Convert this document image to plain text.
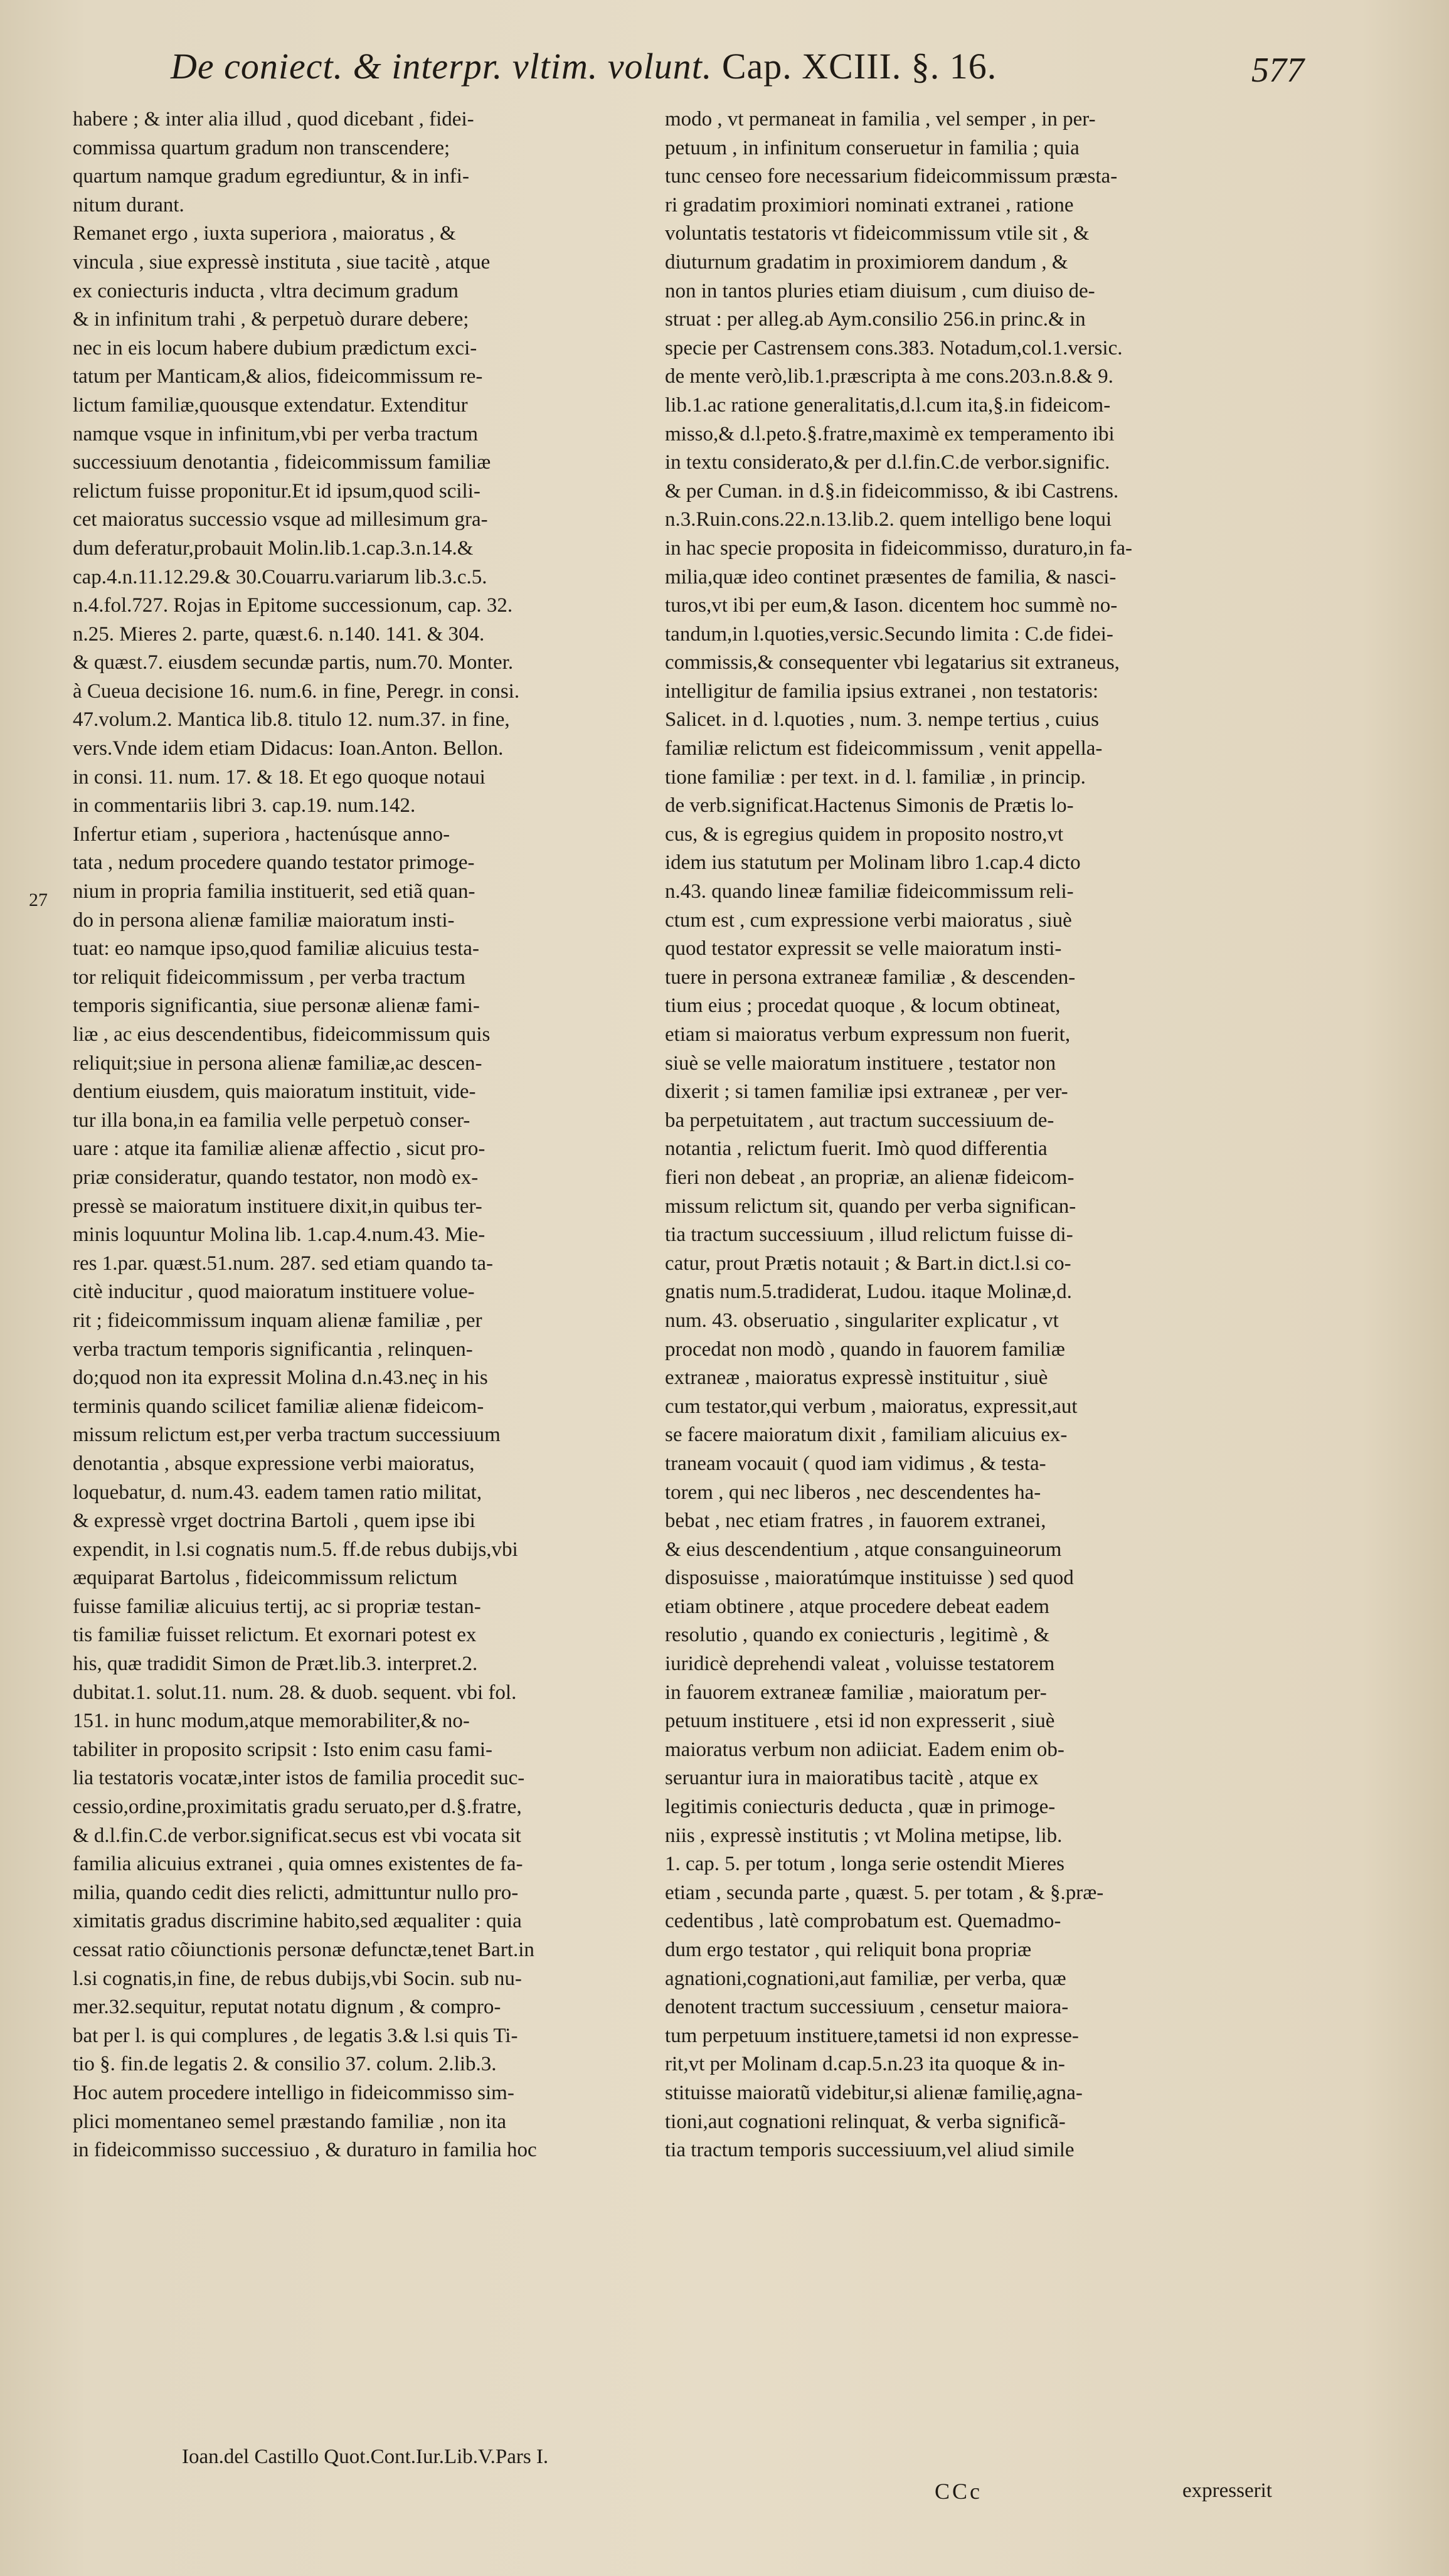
De coniect. & interpr. vltim. volunt. Cap. XCIII. §. 16.	577
27
habere ; & inter alia illud , quod dicebant , fidei-
commissa quartum gradum non transcendere;
quartum namque gradum egrediuntur, & in infi-
nitum durant.
Remanet ergo , iuxta superiora , maioratus , &
vincula , siue expressè instituta , siue tacitè , atque
ex coniecturis inducta , vltra decimum gradum
& in infinitum trahi , & perpetuò durare debere;
nec in eis locum habere dubium prædictum exci-
tatum per Manticam,& alios, fideicommissum re-
lictum familiæ,quousque extendatur. Extenditur
namque vsque in infinitum,vbi per verba tractum
successiuum denotantia , fideicommissum familiæ
relictum fuisse proponitur.Et id ipsum,quod scili-
cet maioratus successio vsque ad millesimum gra-
dum deferatur,probauit Molin.lib.1.cap.3.n.14.&
cap.4.n.11.12.29.& 30.Couarru.variarum lib.3.c.5.
n.4.fol.727. Rojas in Epitome successionum, cap. 32.
n.25. Mieres 2. parte, quæst.6. n.140. 141. & 304.
& quæst.7. eiusdem secundæ partis, num.70. Monter.
à Cueua decisione 16. num.6. in fine, Peregr. in consi.
47.volum.2. Mantica lib.8. titulo 12. num.37. in fine,
vers.Vnde idem etiam Didacus: Ioan.Anton. Bellon.
in consi. 11. num. 17. & 18. Et ego quoque notaui
in commentariis libri 3. cap.19. num.142.
Infertur etiam , superiora , hactenúsque anno-
tata , nedum procedere quando testator primoge-
nium in propria familia instituerit, sed etiã quan-
do in persona alienæ familiæ maioratum insti-
tuat: eo namque ipso,quod familiæ alicuius testa-
tor reliquit fideicommissum , per verba tractum
temporis significantia, siue personæ alienæ fami-
liæ , ac eius descendentibus, fideicommissum quis
reliquit;siue in persona alienæ familiæ,ac descen-
dentium eiusdem, quis maioratum instituit, vide-
tur illa bona,in ea familia velle perpetuò conser-
uare : atque ita familiæ alienæ affectio , sicut pro-
priæ consideratur, quando testator, non modò ex-
pressè se maioratum instituere dixit,in quibus ter-
minis loquuntur Molina lib. 1.cap.4.num.43. Mie-
res 1.par. quæst.51.num. 287. sed etiam quando ta-
citè inducitur , quod maioratum instituere volue-
rit ; fideicommissum inquam alienæ familiæ , per
verba tractum temporis significantia , relinquen-
do;quod non ita expressit Molina d.n.43.neç in his
terminis quando scilicet familiæ alienæ fideicom-
missum relictum est,per verba tractum successiuum
denotantia , absque expressione verbi maioratus,
loquebatur, d. num.43. eadem tamen ratio militat,
& expressè vrget doctrina Bartoli , quem ipse ibi
expendit, in l.si cognatis num.5. ff.de rebus dubijs,vbi
æquiparat Bartolus , fideicommissum relictum
fuisse familiæ alicuius tertij, ac si propriæ testan-
tis familiæ fuisset relictum. Et exornari potest ex
his, quæ tradidit Simon de Præt.lib.3. interpret.2.
dubitat.1. solut.11. num. 28. & duob. sequent. vbi fol.
151. in hunc modum,atque memorabiliter,& no-
tabiliter in proposito scripsit : Isto enim casu fami-
lia testatoris vocatæ,inter istos de familia procedit suc-
cessio,ordine,proximitatis gradu seruato,per d.§.fratre,
& d.l.fin.C.de verbor.significat.secus est vbi vocata sit
familia alicuius extranei , quia omnes existentes de fa-
milia, quando cedit dies relicti, admittuntur nullo pro-
ximitatis gradus discrimine habito,sed æqualiter : quia
cessat ratio cõiunctionis personæ defunctæ,tenet Bart.in
l.si cognatis,in fine, de rebus dubijs,vbi Socin. sub nu-
mer.32.sequitur, reputat notatu dignum , & compro-
bat per l. is qui complures , de legatis 3.& l.si quis Ti-
tio §. fin.de legatis 2. & consilio 37. colum. 2.lib.3.
Hoc autem procedere intelligo in fideicommisso sim-
plici momentaneo semel præstando familiæ , non ita
in fideicommisso successiuo , & duraturo in familia hoc
modo , vt permaneat in familia , vel semper , in per-
petuum , in infinitum conseruetur in familia ; quia
tunc censeo fore necessarium fideicommissum præsta-
ri gradatim proximiori nominati extranei , ratione
voluntatis testatoris vt fideicommissum vtile sit , &
diuturnum gradatim in proximiorem dandum , &
non in tantos pluries etiam diuisum , cum diuiso de-
struat : per alleg.ab Aym.consilio 256.in princ.& in
specie per Castrensem cons.383. Notadum,col.1.versic.
de mente verò,lib.1.præscripta à me cons.203.n.8.& 9.
lib.1.ac ratione generalitatis,d.l.cum ita,§.in fideicom-
misso,& d.l.peto.§.fratre,maximè ex temperamento ibi
in textu considerato,& per d.l.fin.C.de verbor.signific.
& per Cuman. in d.§.in fideicommisso, & ibi Castrens.
n.3.Ruin.cons.22.n.13.lib.2. quem intelligo bene loqui
in hac specie proposita in fideicommisso, duraturo,in fa-
milia,quæ ideo continet præsentes de familia, & nasci-
turos,vt ibi per eum,& Iason. dicentem hoc summè no-
tandum,in l.quoties,versic.Secundo limita : C.de fidei-
commissis,& consequenter vbi legatarius sit extraneus,
intelligitur de familia ipsius extranei , non testatoris:
Salicet. in d. l.quoties , num. 3. nempe tertius , cuius
familiæ relictum est fideicommissum , venit appella-
tione familiæ : per text. in d. l. familiæ , in princip.
de verb.significat.Hactenus Simonis de Prætis lo-
cus, & is egregius quidem in proposito nostro,vt
idem ius statutum per Molinam libro 1.cap.4 dicto
n.43. quando lineæ familiæ fideicommissum reli-
ctum est , cum expressione verbi maioratus , siuè
quod testator expressit se velle maioratum insti-
tuere in persona extraneæ familiæ , & descenden-
tium eius ; procedat quoque , & locum obtineat,
etiam si maioratus verbum expressum non fuerit,
siuè se velle maioratum instituere , testator non
dixerit ; si tamen familiæ ipsi extraneæ , per ver-
ba perpetuitatem , aut tractum successiuum de-
notantia , relictum fuerit. Imò quod differentia
fieri non debeat , an propriæ, an alienæ fideicom-
missum relictum sit, quando per verba significan-
tia tractum successiuum , illud relictum fuisse di-
catur, prout Prætis notauit ; & Bart.in dict.l.si co-
gnatis num.5.tradiderat, Ludou. itaque Molinæ,d.
num. 43. obseruatio , singulariter explicatur , vt
procedat non modò , quando in fauorem familiæ
extraneæ , maioratus expressè instituitur , siuè
cum testator,qui verbum , maioratus, expressit,aut
se facere maioratum dixit , familiam alicuius ex-
traneam vocauit ( quod iam vidimus , & testa-
torem , qui nec liberos , nec descendentes ha-
bebat , nec etiam fratres , in fauorem extranei,
& eius descendentium , atque consanguineorum
disposuisse , maioratúmque instituisse ) sed quod
etiam obtinere , atque procedere debeat eadem
resolutio , quando ex coniecturis , legitimè , &
iuridicè deprehendi valeat , voluisse testatorem
in fauorem extraneæ familiæ , maioratum per-
petuum instituere , etsi id non expresserit , siuè
maioratus verbum non adiiciat. Eadem enim ob-
seruantur iura in maioratibus tacitè , atque ex
legitimis coniecturis deducta , quæ in primoge-
niis , expressè institutis ; vt Molina metipse, lib.
1. cap. 5. per totum , longa serie ostendit Mieres
etiam , secunda parte , quæst. 5. per totam , & §.præ-
cedentibus , latè comprobatum est. Quemadmo-
dum ergo testator , qui reliquit bona propriæ
agnationi,cognationi,aut familiæ, per verba, quæ
denotent tractum successiuum , censetur maiora-
tum perpetuum instituere,tametsi id non expresse-
rit,vt per Molinam d.cap.5.n.23 ita quoque & in-
stituisse maioratũ videbitur,si alienæ familię,agna-
tioni,aut cognationi relinquat, & verba significã-
tia tractum temporis successiuum,vel aliud simile
Ioan.del Castillo Quot.Cont.Iur.Lib.V.Pars I.
CCc	expresserit
